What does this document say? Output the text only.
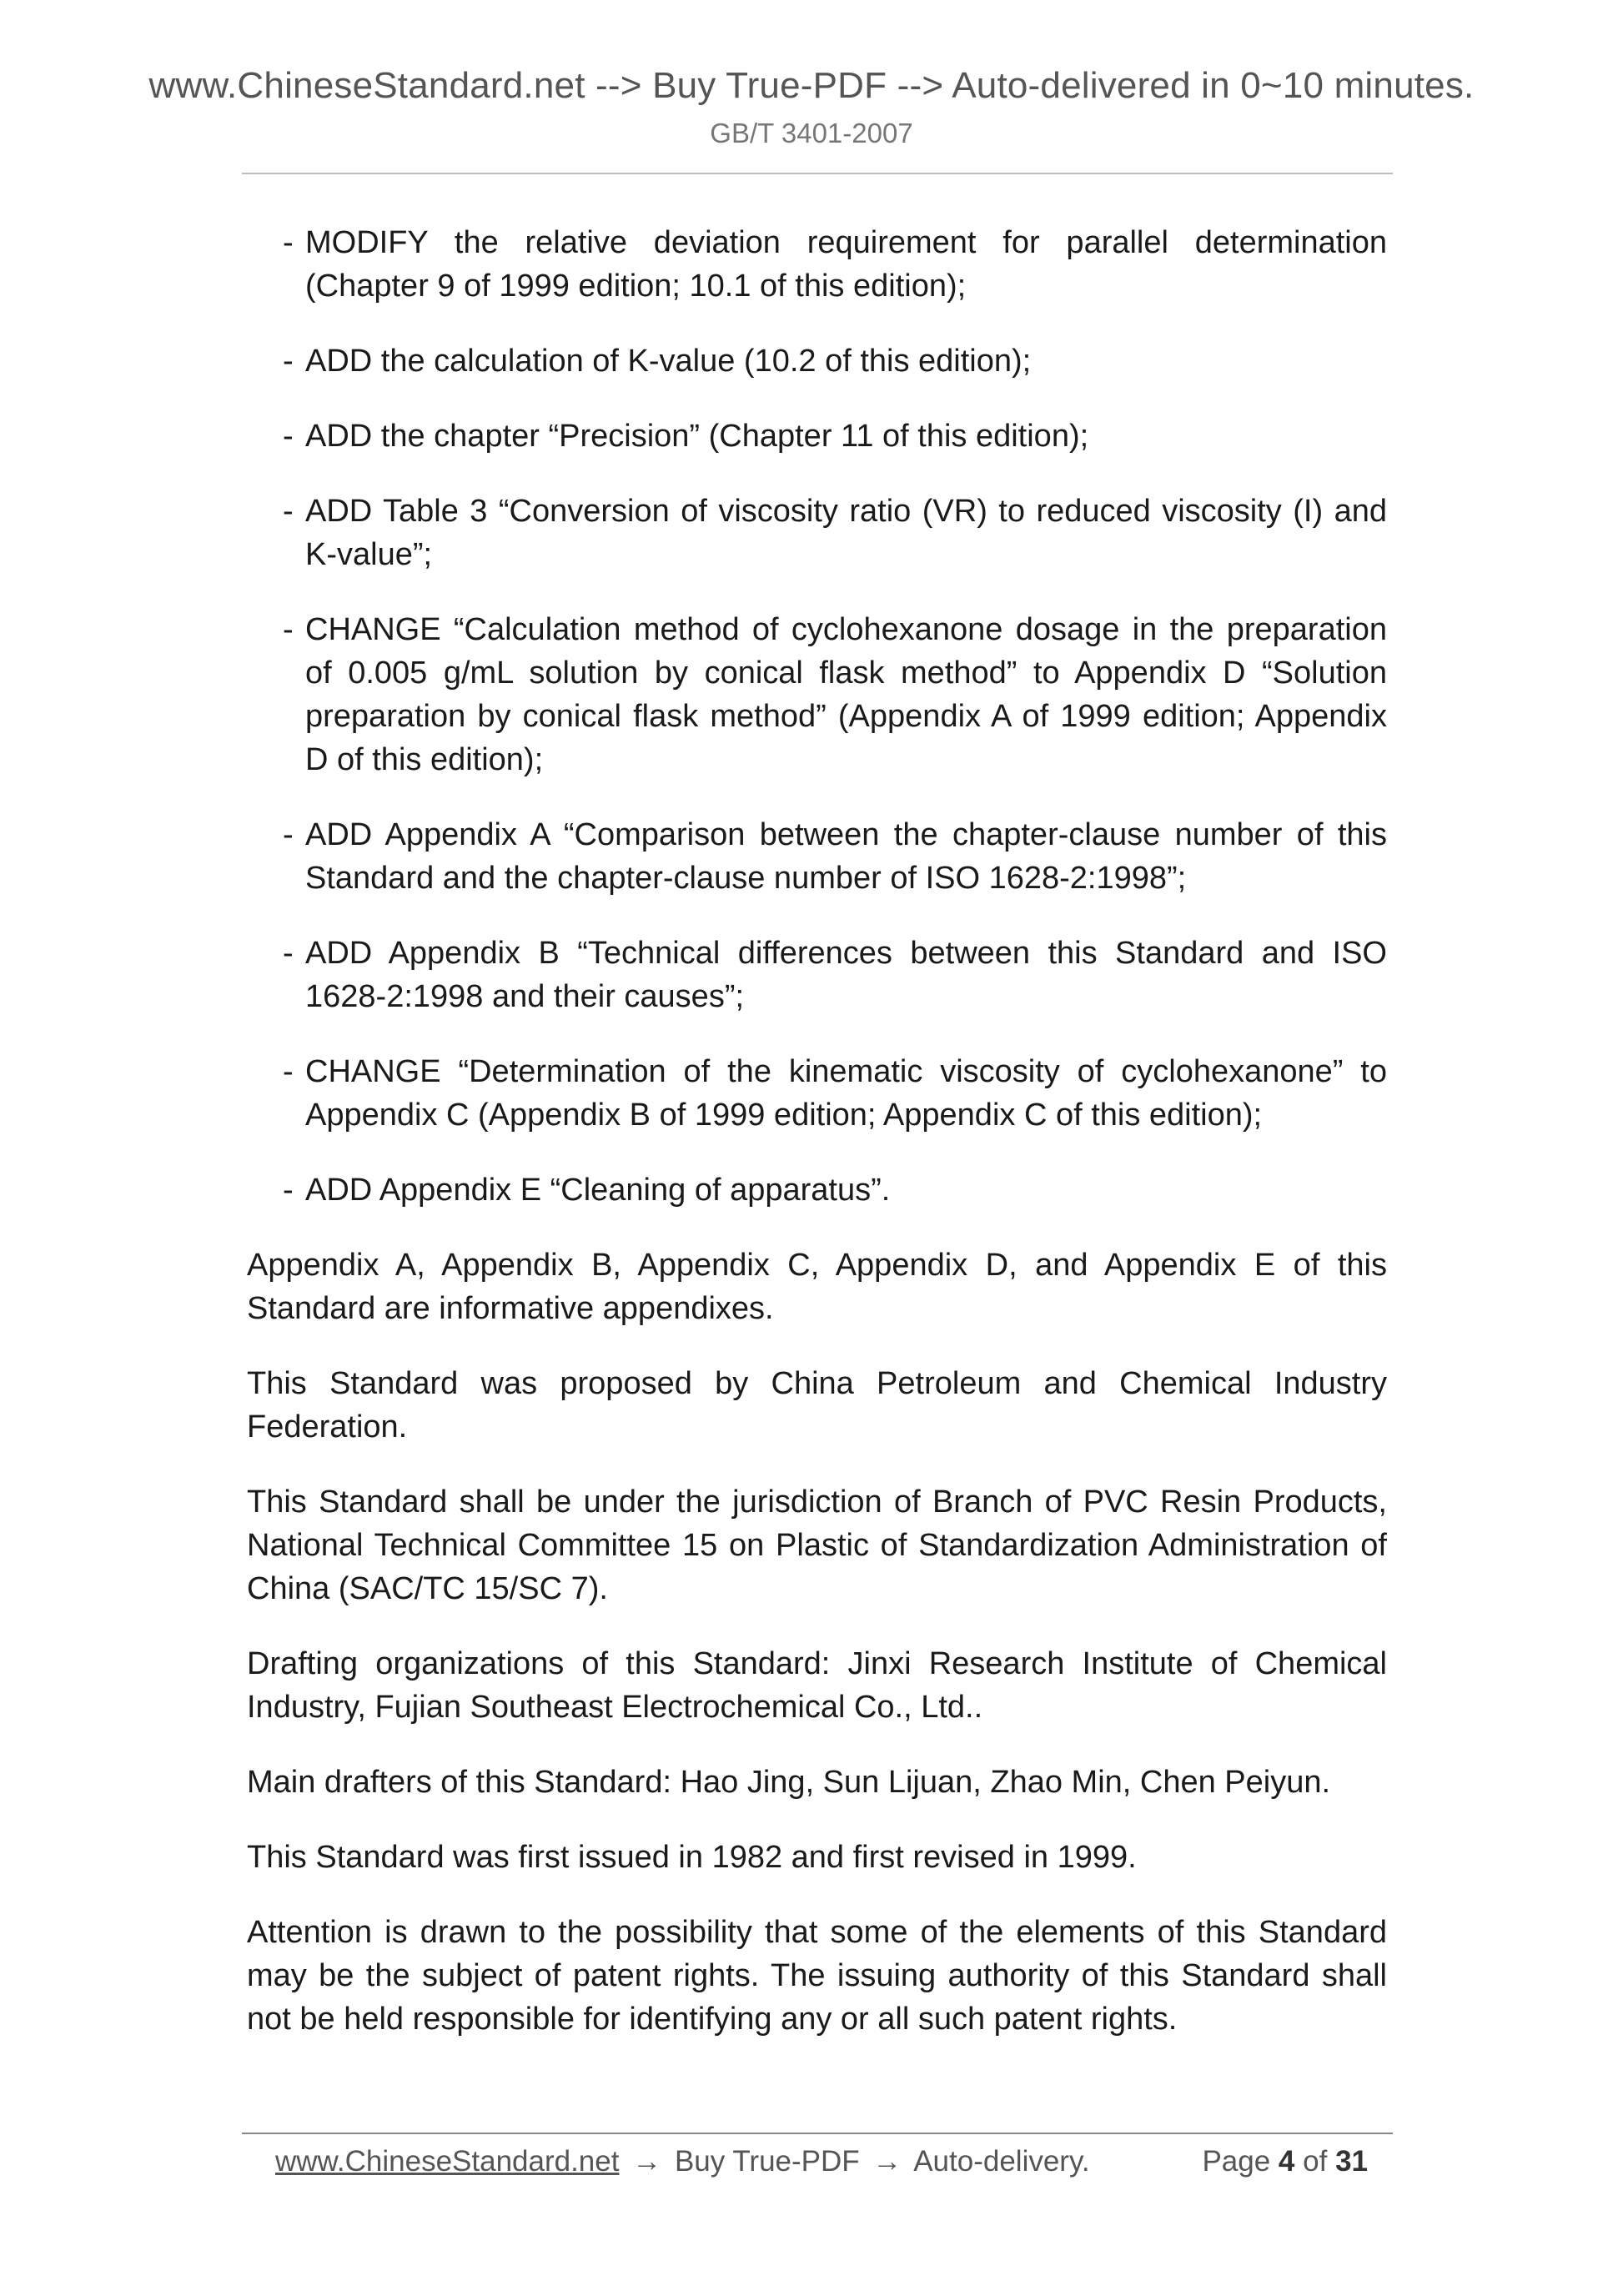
www.ChineseStandard.net --> Buy True-PDF --> Auto-delivered in 0~10 minutes.
GB/T 3401-2007
- MODIFY the relative deviation requirement for parallel determination (Chapter 9 of 1999 edition; 10.1 of this edition);
- ADD the calculation of K-value (10.2 of this edition);
- ADD the chapter “Precision” (Chapter 11 of this edition);
- ADD Table 3 “Conversion of viscosity ratio (VR) to reduced viscosity (I) and K-value”;
- CHANGE “Calculation method of cyclohexanone dosage in the preparation of 0.005 g/mL solution by conical flask method” to Appendix D “Solution preparation by conical flask method” (Appendix A of 1999 edition; Appendix D of this edition);
- ADD Appendix A “Comparison between the chapter-clause number of this Standard and the chapter-clause number of ISO 1628-2:1998”;
- ADD Appendix B “Technical differences between this Standard and ISO 1628-2:1998 and their causes”;
- CHANGE “Determination of the kinematic viscosity of cyclohexanone” to Appendix C (Appendix B of 1999 edition; Appendix C of this edition);
- ADD Appendix E “Cleaning of apparatus”.

Appendix A, Appendix B, Appendix C, Appendix D, and Appendix E of this Standard are informative appendixes.

This Standard was proposed by China Petroleum and Chemical Industry Federation.

This Standard shall be under the jurisdiction of Branch of PVC Resin Products, National Technical Committee 15 on Plastic of Standardization Administration of China (SAC/TC 15/SC 7).

Drafting organizations of this Standard: Jinxi Research Institute of Chemical Industry, Fujian Southeast Electrochemical Co., Ltd..

Main drafters of this Standard: Hao Jing, Sun Lijuan, Zhao Min, Chen Peiyun.

This Standard was first issued in 1982 and first revised in 1999.

Attention is drawn to the possibility that some of the elements of this Standard may be the subject of patent rights. The issuing authority of this Standard shall not be held responsible for identifying any or all such patent rights.

www.ChineseStandard.net → Buy True-PDF → Auto-delivery.	Page 4 of 31
